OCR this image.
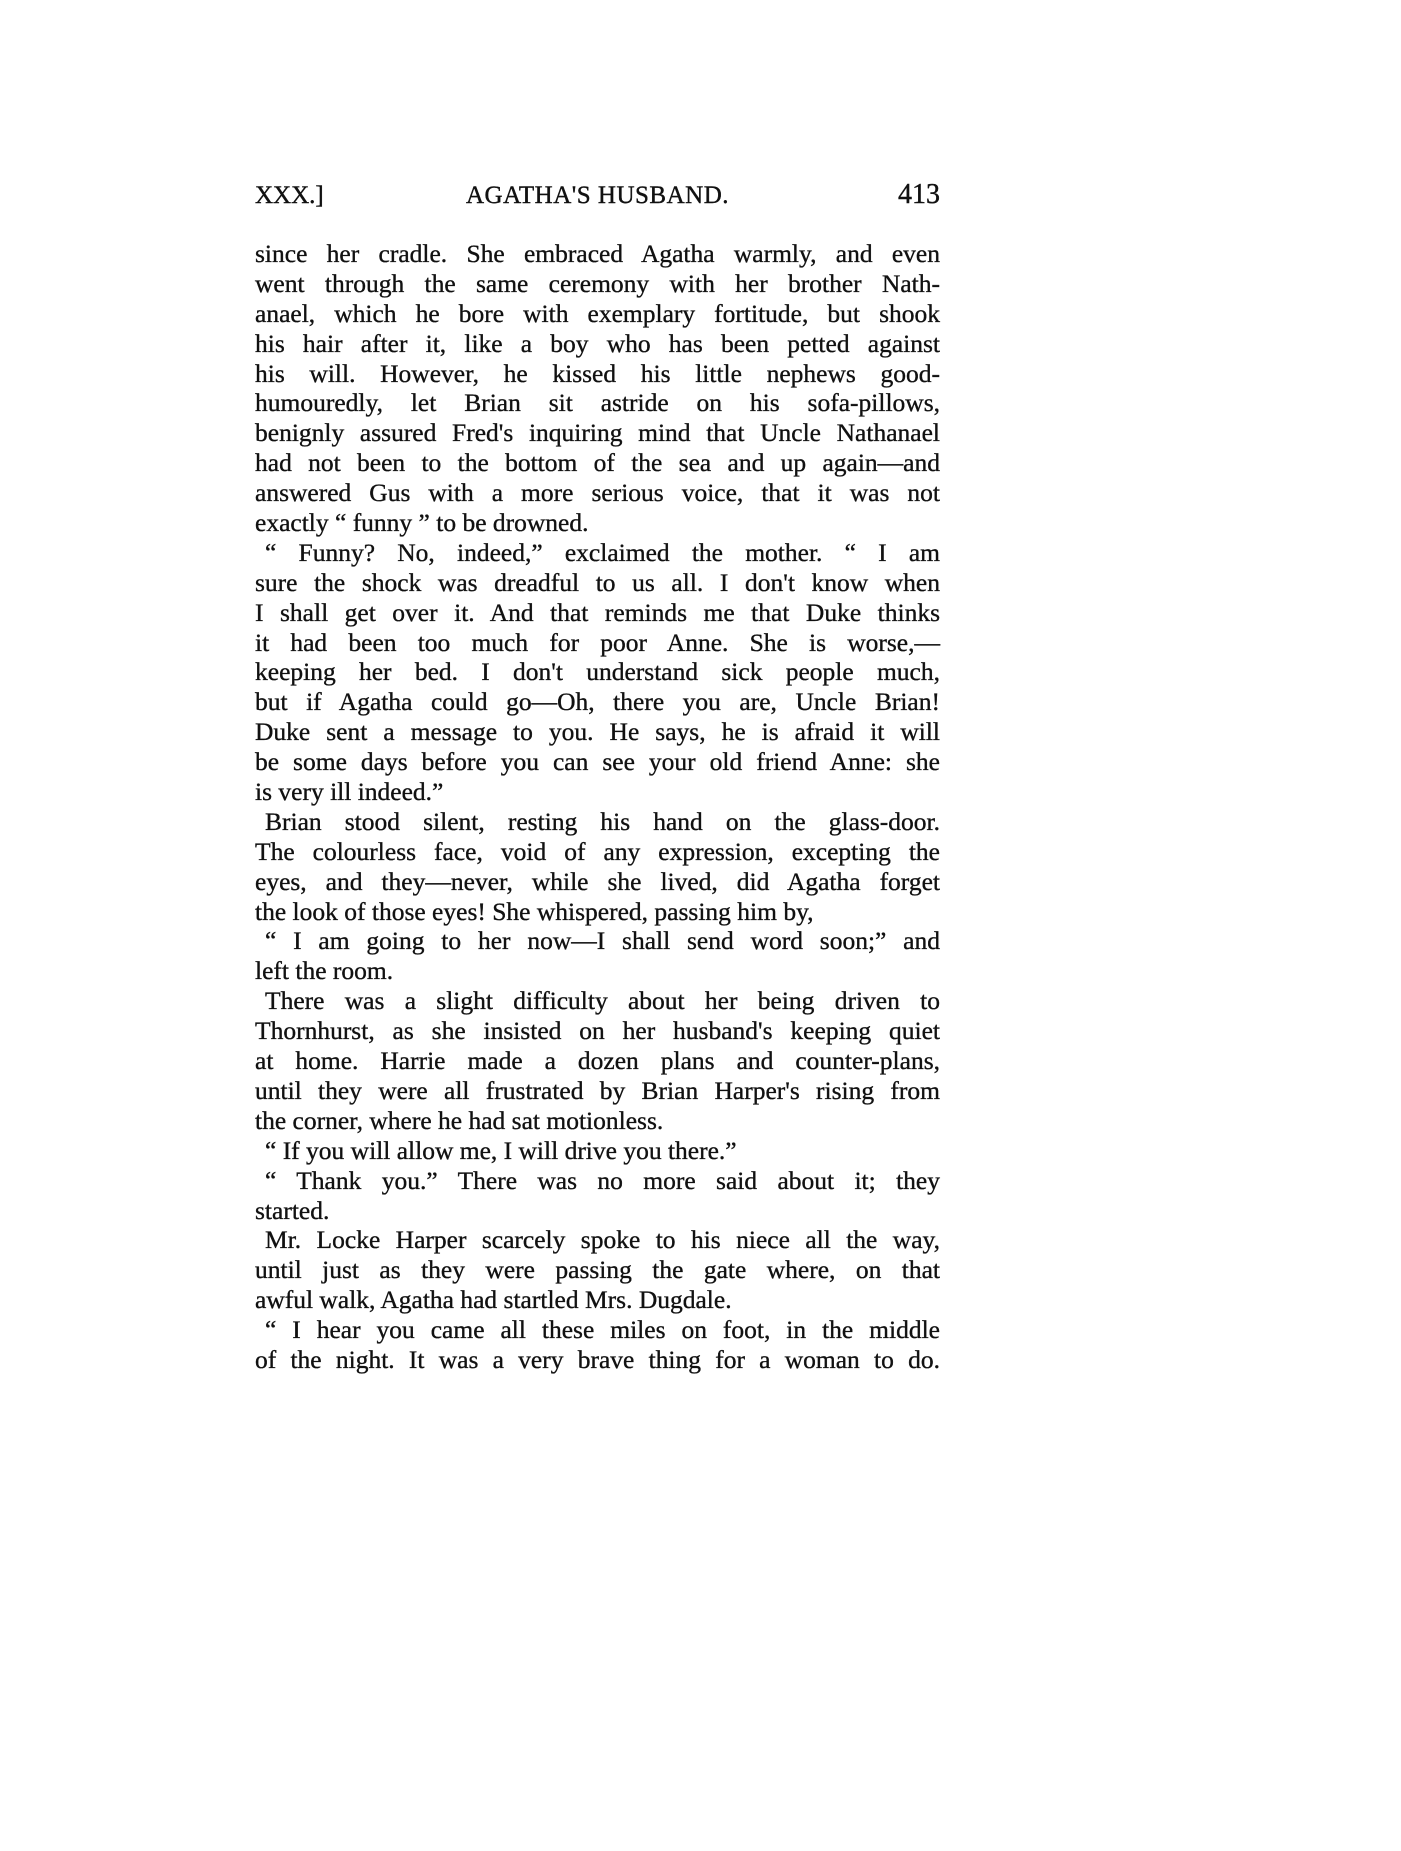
XXX.]	AGATHA'S HUSBAND.	413
since her cradle. She embraced Agatha warmly, and even
went through the same ceremony with her brother Nath-
anael, which he bore with exemplary fortitude, but shook
his hair after it, like a boy who has been petted against
his will. However, he kissed his little nephews good-
humouredly, let Brian sit astride on his sofa-pillows,
benignly assured Fred's inquiring mind that Uncle Nathanael
had not been to the bottom of the sea and up again—and
answered Gus with a more serious voice, that it was not
exactly “ funny ” to be drowned.
“ Funny? No, indeed,” exclaimed the mother. “ I am
sure the shock was dreadful to us all. I don't know when
I shall get over it. And that reminds me that Duke thinks
it had been too much for poor Anne. She is worse,—
keeping her bed. I don't understand sick people much,
but if Agatha could go—Oh, there you are, Uncle Brian!
Duke sent a message to you. He says, he is afraid it will
be some days before you can see your old friend Anne: she
is very ill indeed.”
Brian stood silent, resting his hand on the glass-door.
The colourless face, void of any expression, excepting the
eyes, and they—never, while she lived, did Agatha forget
the look of those eyes! She whispered, passing him by,
“ I am going to her now—I shall send word soon;” and
left the room.
There was a slight difficulty about her being driven to
Thornhurst, as she insisted on her husband's keeping quiet
at home. Harrie made a dozen plans and counter-plans,
until they were all frustrated by Brian Harper's rising from
the corner, where he had sat motionless.
“ If you will allow me, I will drive you there.”
“ Thank you.” There was no more said about it; they
started.
Mr. Locke Harper scarcely spoke to his niece all the way,
until just as they were passing the gate where, on that
awful walk, Agatha had startled Mrs. Dugdale.
“ I hear you came all these miles on foot, in the middle
of the night. It was a very brave thing for a woman to do.
